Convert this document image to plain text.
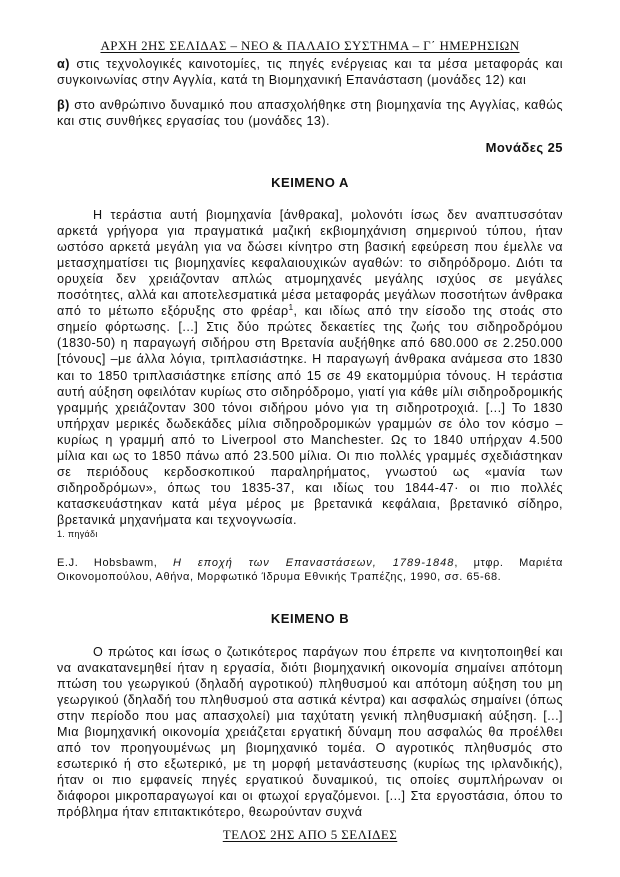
ΑΡΧΗ 2ΗΣ ΣΕΛΙΔΑΣ – ΝΕΟ & ΠΑΛΑΙΟ ΣΥΣΤΗΜΑ – Γ΄ ΗΜΕΡΗΣΙΩΝ

α) στις τεχνολογικές καινοτομίες, τις πηγές ενέργειας και τα μέσα μεταφοράς και συγκοινωνίας στην Αγγλία, κατά τη Βιομηχανική Επανάσταση (μονάδες 12) και

β) στο ανθρώπινο δυναμικό που απασχολήθηκε στη βιομηχανία της Αγγλίας, καθώς και στις συνθήκες εργασίας του (μονάδες 13).

Μονάδες 25
ΚΕΙΜΕΝΟ Α

Η τεράστια αυτή βιομηχανία [άνθρακα], μολονότι ίσως δεν αναπτυσσόταν αρκετά γρήγορα για πραγματικά μαζική εκβιομηχάνιση σημερινού τύπου, ήταν ωστόσο αρκετά μεγάλη για να δώσει κίνητρο στη βασική εφεύρεση που έμελλε να μετασχηματίσει τις βιομηχανίες κεφαλαιουχικών αγαθών: το σιδηρόδρομο. Διότι τα ορυχεία δεν χρειάζονταν απλώς ατμομηχανές μεγάλης ισχύος σε μεγάλες ποσότητες, αλλά και αποτελεσματικά μέσα μεταφοράς μεγάλων ποσοτήτων άνθρακα από το μέτωπο εξόρυξης στο φρέαρ$^1$, και ιδίως από την είσοδο της στοάς στο σημείο φόρτωσης. [...] Στις δύο πρώτες δεκαετίες της ζωής του σιδηροδρόμου (1830-50) η παραγωγή σιδήρου στη Βρετανία αυξήθηκε από 680.000 σε 2.250.000 [τόνους] –με άλλα λόγια, τριπλασιάστηκε. Η παραγωγή άνθρακα ανάμεσα στο 1830 και το 1850 τριπλασιάστηκε επίσης από 15 σε 49 εκατομμύρια τόνους. Η τεράστια αυτή αύξηση οφειλόταν κυρίως στο σιδηρόδρομο, γιατί για κάθε μίλι σιδηροδρομικής γραμμής χρειάζονταν 300 τόνοι σιδήρου μόνο για τη σιδηροτροχιά. [...] Το 1830 υπήρχαν μερικές δωδεκάδες μίλια σιδηροδρομικών γραμμών σε όλο τον κόσμο –κυρίως η γραμμή από το Liverpool στο Manchester. Ως το 1840 υπήρχαν 4.500 μίλια και ως το 1850 πάνω από 23.500 μίλια. Οι πιο πολλές γραμμές σχεδιάστηκαν σε περιόδους κερδοσκοπικού παραληρήματος, γνωστού ως «μανία των σιδηροδρόμων», όπως του 1835-37, και ιδίως του 1844-47· οι πιο πολλές κατασκευάστηκαν κατά μέγα μέρος με βρετανικά κεφάλαια, βρετανικό σίδηρο, βρετανικά μηχανήματα και τεχνογνωσία.

1. πηγάδι

E.J. Hobsbawm, Η εποχή των Επαναστάσεων, 1789-1848, μτφρ. Μαριέτα Οικονομοπούλου, Αθήνα, Μορφωτικό Ίδρυμα Εθνικής Τραπέζης, 1990, σσ. 65-68.

ΚΕΙΜΕΝΟ Β

Ο πρώτος και ίσως ο ζωτικότερος παράγων που έπρεπε να κινητοποιηθεί και να ανακατανεμηθεί ήταν η εργασία, διότι βιομηχανική οικονομία σημαίνει απότομη πτώση του γεωργικού (δηλαδή αγροτικού) πληθυσμού και απότομη αύξηση του μη γεωργικού (δηλαδή του πληθυσμού στα αστικά κέντρα) και ασφαλώς σημαίνει (όπως στην περίοδο που μας απασχολεί) μια ταχύτατη γενική πληθυσμιακή αύξηση. [...] Μια βιομηχανική οικονομία χρειάζεται εργατική δύναμη που ασφαλώς θα προέλθει από τον προηγουμένως μη βιομηχανικό τομέα. Ο αγροτικός πληθυσμός στο εσωτερικό ή στο εξωτερικό, με τη μορφή μετανάστευσης (κυρίως της ιρλανδικής), ήταν οι πιο εμφανείς πηγές εργατικού δυναμικού, τις οποίες συμπλήρωναν οι διάφοροι μικροπαραγωγοί και οι φτωχοί εργαζόμενοι. [...] Στα εργοστάσια, όπου το πρόβλημα ήταν επιτακτικότερο, θεωρούνταν συχνά

ΤΕΛΟΣ 2ΗΣ ΑΠΟ 5 ΣΕΛΙΔΕΣ
